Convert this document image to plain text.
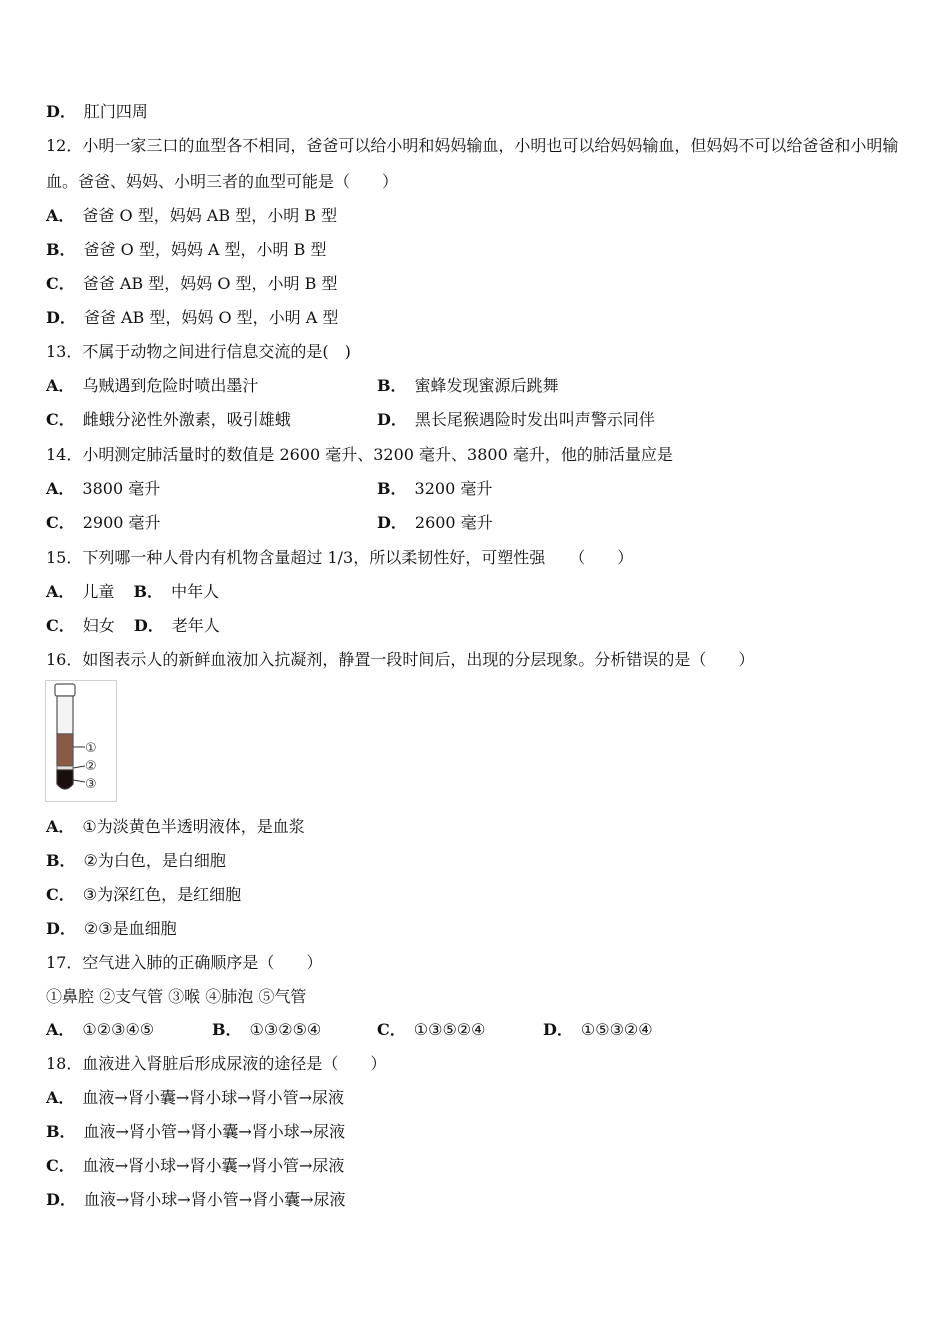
D． 肛门四周
12．小明一家三口的血型各不相同，爸爸可以给小明和妈妈输血，小明也可以给妈妈输血，但妈妈不可以给爸爸和小明输血。爸爸、妈妈、小明三者的血型可能是（　　）
A． 爸爸 O 型，妈妈 AB 型，小明 B 型
B． 爸爸 O 型，妈妈 A 型，小明 B 型
C． 爸爸 AB 型，妈妈 O 型，小明 B 型
D． 爸爸 AB 型，妈妈 O 型，小明 A 型
13．不属于动物之间进行信息交流的是(　)
A． 乌贼遇到危险时喷出墨汁	B． 蜜蜂发现蜜源后跳舞
C． 雌蛾分泌性外激素，吸引雄蛾	D． 黑长尾猴遇险时发出叫声警示同伴
14．小明测定肺活量时的数值是 2600 毫升、3200 毫升、3800 毫升，他的肺活量应是
A． 3800 毫升	B． 3200 毫升
C． 2900 毫升	D． 2600 毫升
15．下列哪一种人骨内有机物含量超过 1/3，所以柔韧性好，可塑性强　　（　　）
A． 儿童 B． 中年人
C． 妇女 D． 老年人
16．如图表示人的新鲜血液加入抗凝剂，静置一段时间后，出现的分层现象。分析错误的是（　　）
①
②
③
A． ①为淡黄色半透明液体，是血浆
B． ②为白色，是白细胞
C． ③为深红色，是红细胞
D． ②③是血细胞
17．空气进入肺的正确顺序是（　　）
①鼻腔 ②支气管 ③喉 ④肺泡 ⑤气管
A． ①②③④⑤	B． ①③②⑤④	C． ①③⑤②④	D． ①⑤③②④
18．血液进入肾脏后形成尿液的途径是（　　）
A． 血液→肾小囊→肾小球→肾小管→尿液
B． 血液→肾小管→肾小囊→肾小球→尿液
C． 血液→肾小球→肾小囊→肾小管→尿液
D． 血液→肾小球→肾小管→肾小囊→尿液
